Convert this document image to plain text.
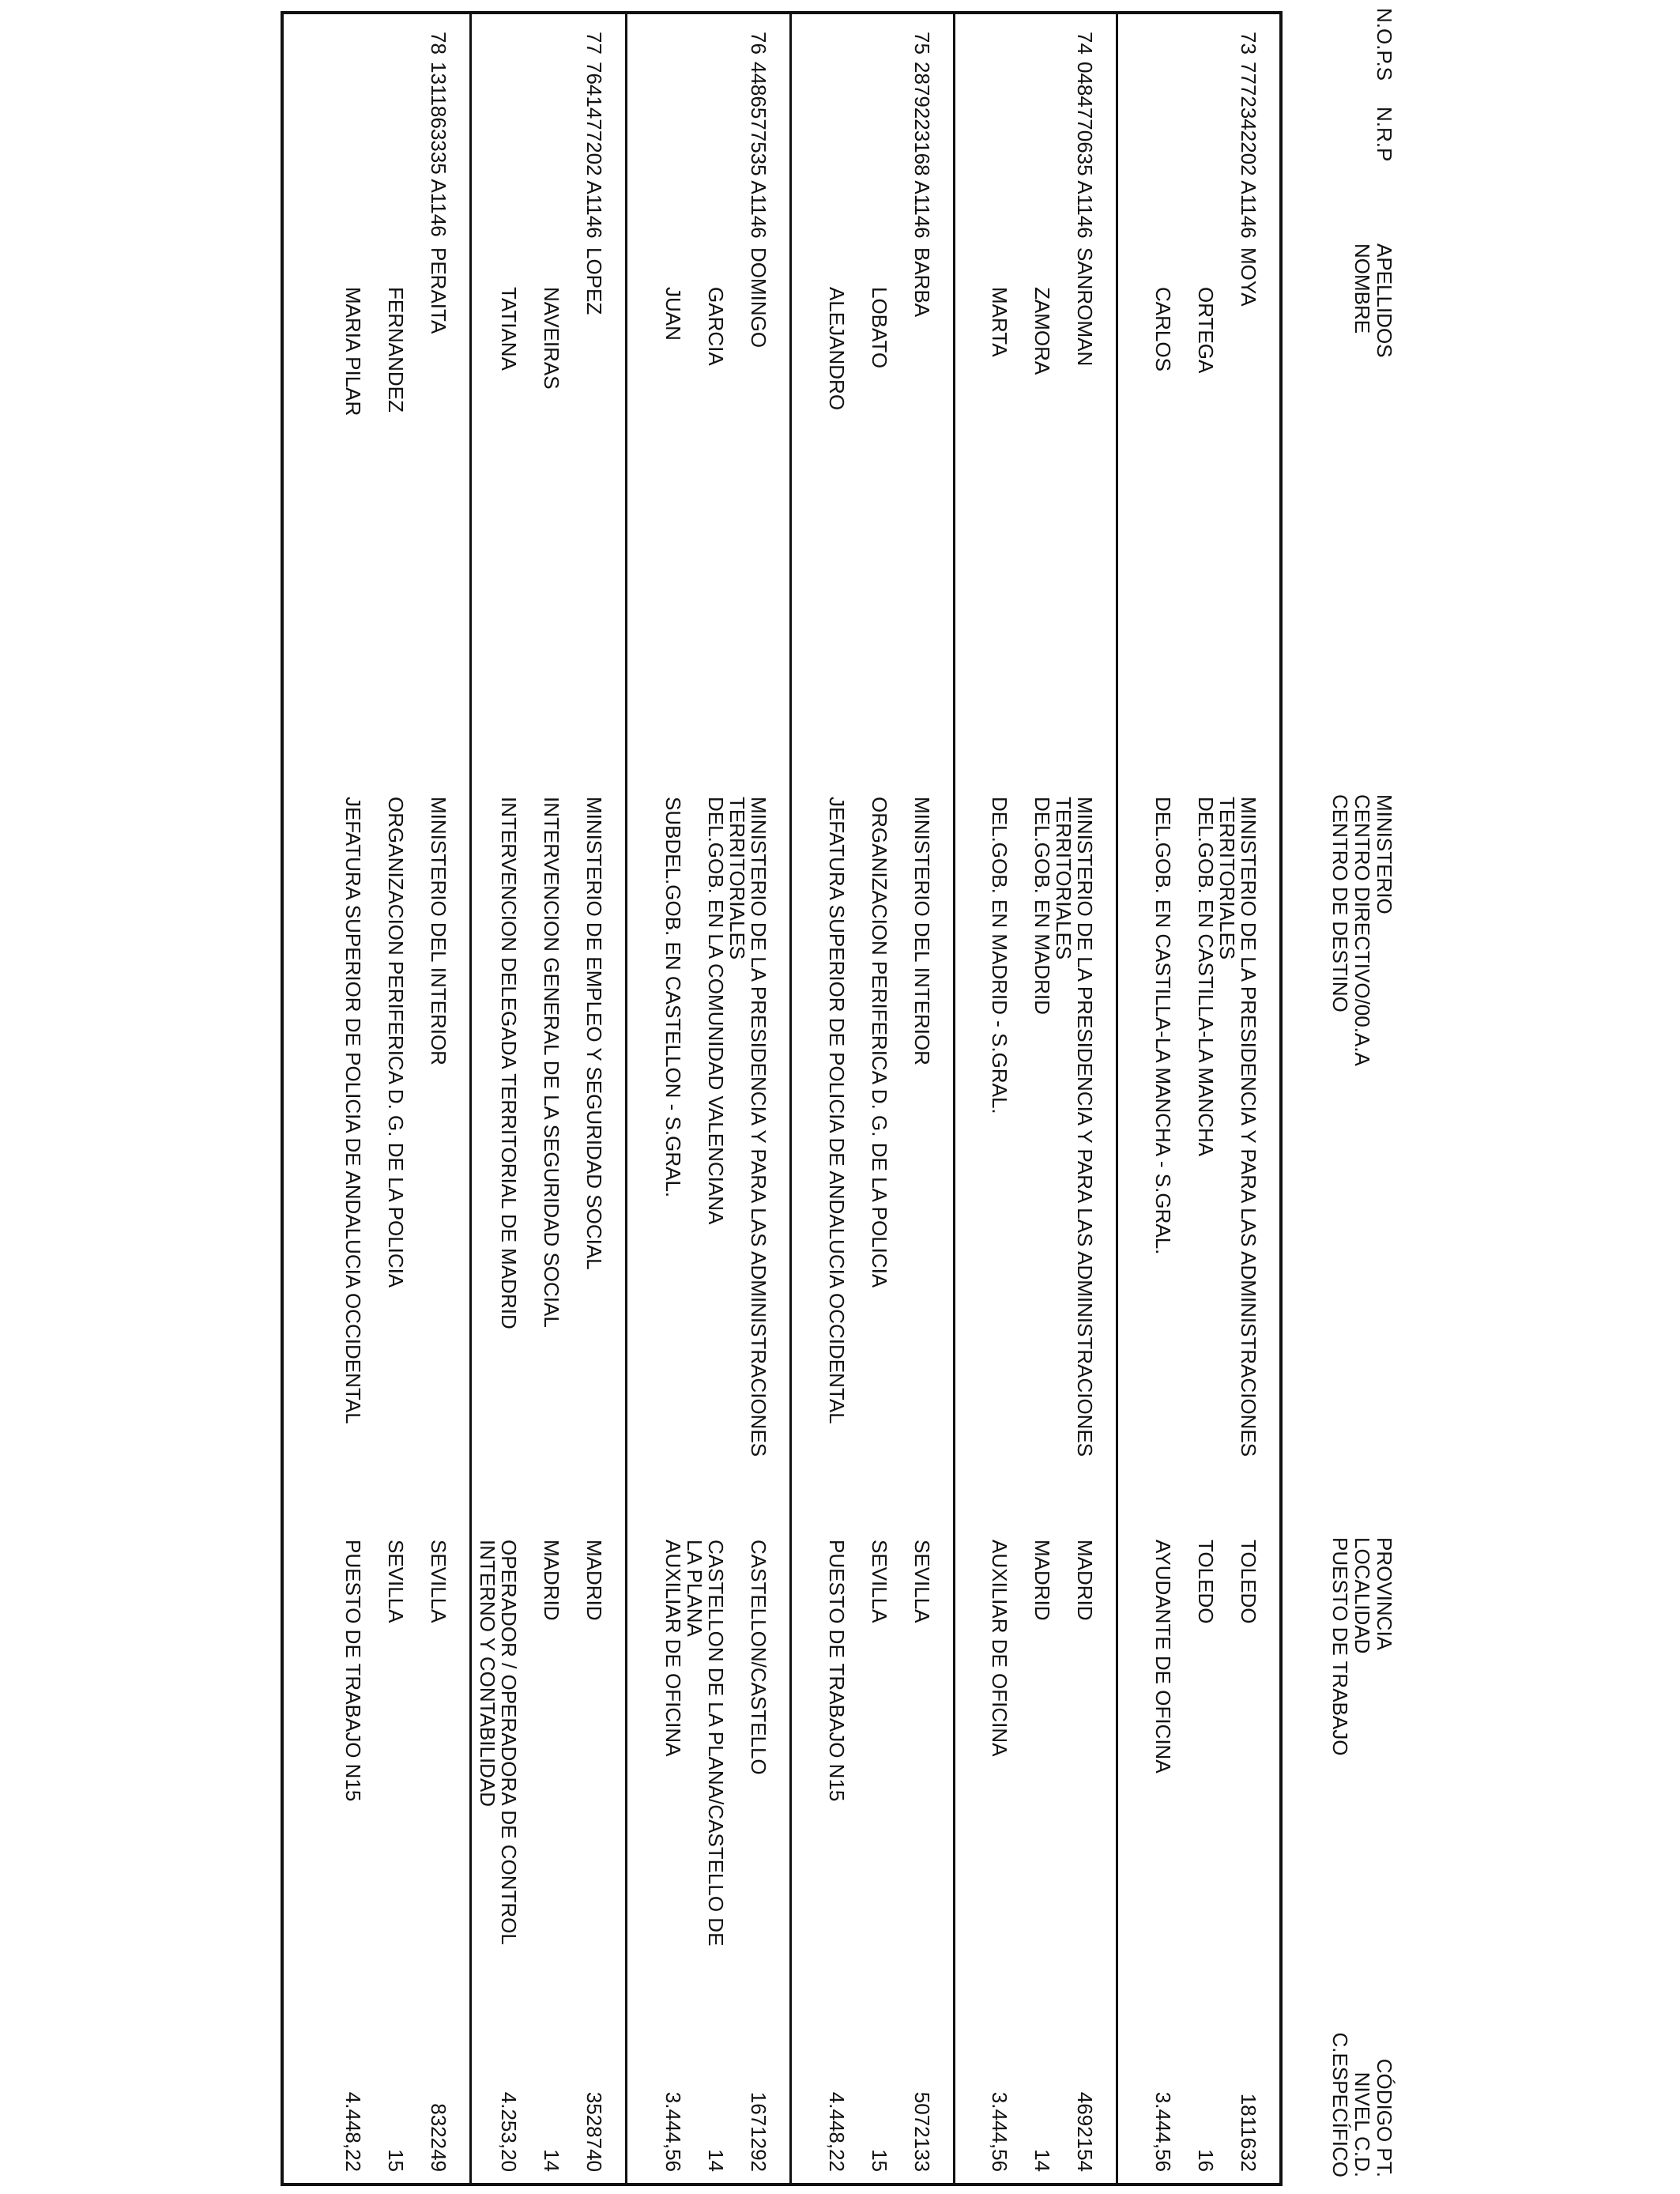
N.O.P.S
N.R.P
APELLIDOS
NOMBRE
MINISTERIO
CENTRO DIRECTIVO/00.A.A
CENTRO DE DESTINO
PROVINCIA
LOCALIDAD
PUESTO DE TRABAJO
CÓDIGO PT.
NIVEL C.D.
C.ESPECÍFICO
73
7772342202 A1146
MOYA
ORTEGA
CARLOS
MINISTERIO DE LA PRESIDENCIA Y PARA LAS ADMINISTRACIONES TERRITORIALES
DEL.GOB. EN CASTILLA-LA MANCHA
DEL.GOB. EN CASTILLA-LA MANCHA - S.GRAL.
TOLEDO
TOLEDO
AYUDANTE DE OFICINA
1811632
16
3.444,56
74
0484770635 A1146
SANROMAN
ZAMORA
MARTA
MINISTERIO DE LA PRESIDENCIA Y PARA LAS ADMINISTRACIONES TERRITORIALES
DEL.GOB. EN MADRID
DEL.GOB. EN MADRID - S.GRAL.
MADRID
MADRID
AUXILIAR DE OFICINA
4692154
14
3.444,56
75
2879223168 A1146
BARBA
LOBATO
ALEJANDRO
MINISTERIO DEL INTERIOR
ORGANIZACION PERIFERICA D. G. DE LA POLICIA
JEFATURA SUPERIOR DE POLICIA DE ANDALUCIA OCCIDENTAL
SEVILLA
SEVILLA
PUESTO DE TRABAJO N15
5072133
15
4.448,22
76
4486577535 A1146
DOMINGO
GARCIA
JUAN
MINISTERIO DE LA PRESIDENCIA Y PARA LAS ADMINISTRACIONES TERRITORIALES
DEL.GOB. EN LA COMUNIDAD VALENCIANA
SUBDEL.GOB. EN CASTELLON - S.GRAL.
CASTELLON/CASTELLO
CASTELLON DE LA PLANA/CASTELLO DE LA PLANA
AUXILIAR DE OFICINA
1671292
14
3.444,56
77
7641477202 A1146
LOPEZ
NAVEIRAS
TATIANA
MINISTERIO DE EMPLEO Y SEGURIDAD SOCIAL
INTERVENCION GENERAL DE LA SEGURIDAD SOCIAL
INTERVENCION DELEGADA TERRITORIAL DE MADRID
MADRID
MADRID
OPERADOR / OPERADORA DE CONTROL INTERNO Y CONTABILIDAD
3528740
14
4.253,20
78
1311863335 A1146
PERAITA
FERNANDEZ
MARIA PILAR
MINISTERIO DEL INTERIOR
ORGANIZACION PERIFERICA D. G. DE LA POLICIA
JEFATURA SUPERIOR DE POLICIA DE ANDALUCIA OCCIDENTAL
SEVILLA
SEVILLA
PUESTO DE TRABAJO N15
832249
15
4.448,22
